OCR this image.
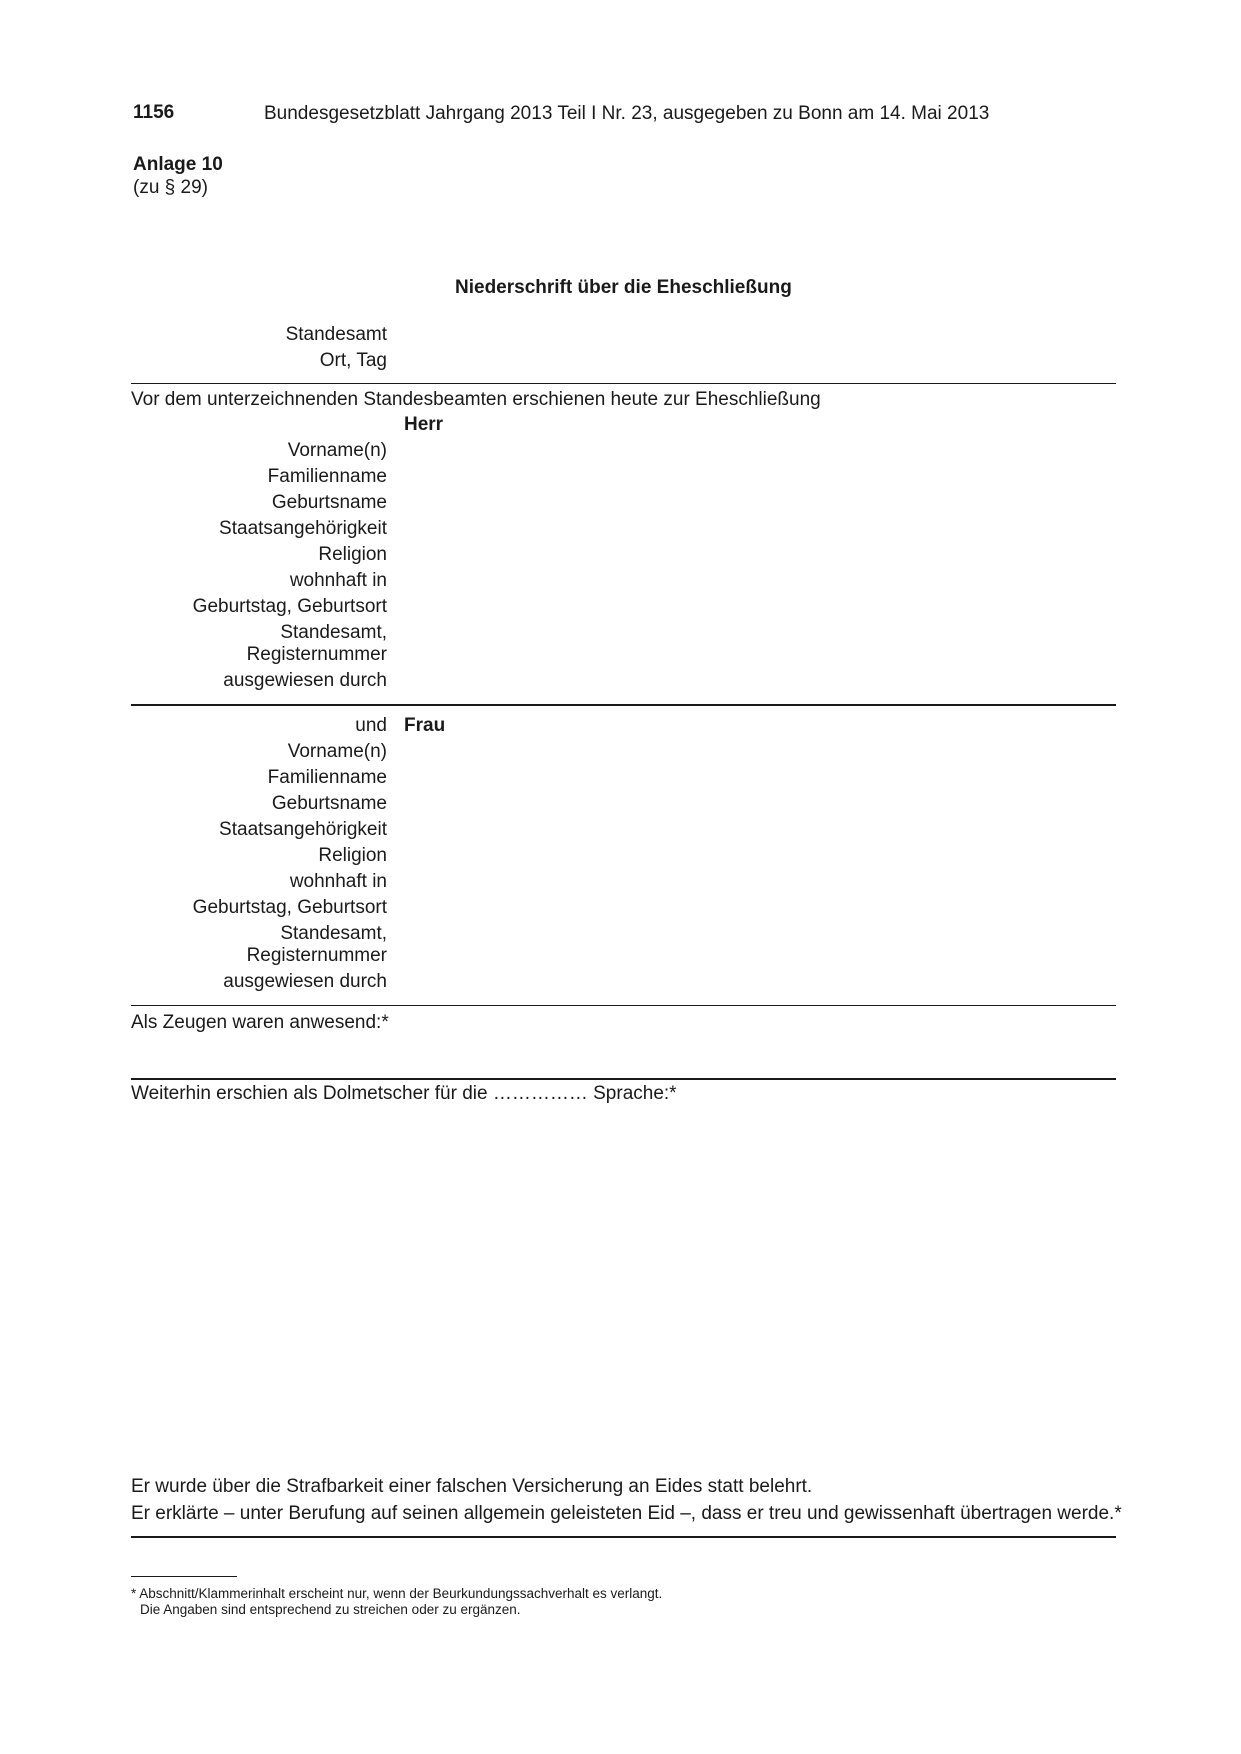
1156	Bundesgesetzblatt Jahrgang 2013 Teil I Nr. 23, ausgegeben zu Bonn am 14. Mai 2013
Anlage 10
(zu § 29)
Niederschrift über die Eheschließung
Standesamt
Ort, Tag
Vor dem unterzeichnenden Standesbeamten erschienen heute zur Eheschließung
Herr
Vorname(n)
Familienname
Geburtsname
Staatsangehörigkeit
Religion
wohnhaft in
Geburtstag, Geburtsort
Standesamt,
Registernummer
ausgewiesen durch
und Frau
Vorname(n)
Familienname
Geburtsname
Staatsangehörigkeit
Religion
wohnhaft in
Geburtstag, Geburtsort
Standesamt,
Registernummer
ausgewiesen durch
Als Zeugen waren anwesend:*
Weiterhin erschien als Dolmetscher für die …………… Sprache:*
Er wurde über die Strafbarkeit einer falschen Versicherung an Eides statt belehrt.
Er erklärte – unter Berufung auf seinen allgemein geleisteten Eid –, dass er treu und gewissenhaft übertragen werde.*
* Abschnitt/Klammerinhalt erscheint nur, wenn der Beurkundungssachverhalt es verlangt.
Die Angaben sind entsprechend zu streichen oder zu ergänzen.
